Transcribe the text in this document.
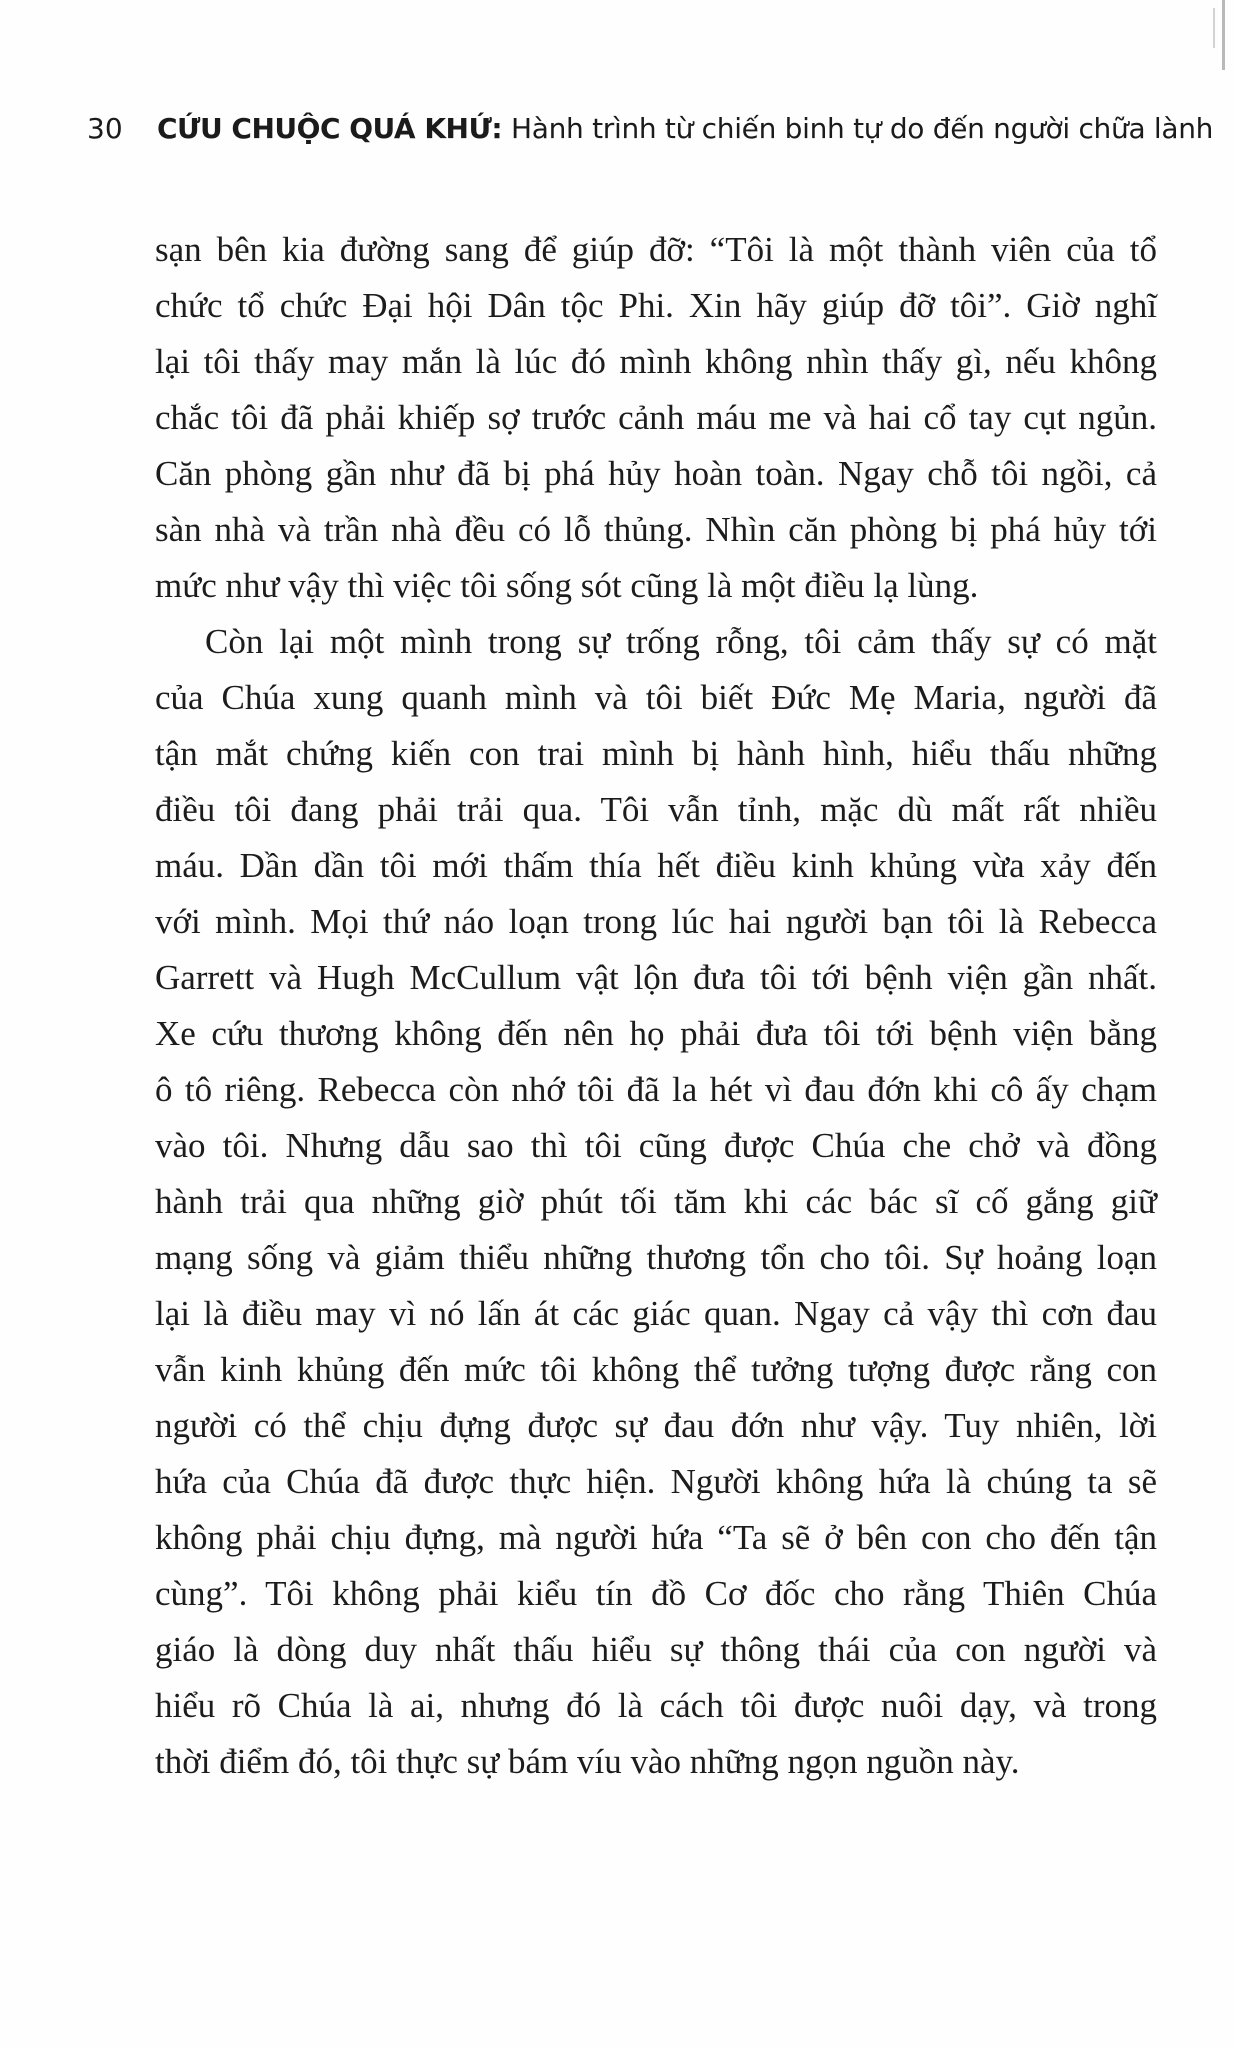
30 CỨU CHUỘC QUÁ KHỨ: Hành trình từ chiến binh tự do đến người chữa lành
sạn bên kia đường sang để giúp đỡ: “Tôi là một thành viên của tổ
chức tổ chức Đại hội Dân tộc Phi. Xin hãy giúp đỡ tôi”. Giờ nghĩ
lại tôi thấy may mắn là lúc đó mình không nhìn thấy gì, nếu không
chắc tôi đã phải khiếp sợ trước cảnh máu me và hai cổ tay cụt ngủn.
Căn phòng gần như đã bị phá hủy hoàn toàn. Ngay chỗ tôi ngồi, cả
sàn nhà và trần nhà đều có lỗ thủng. Nhìn căn phòng bị phá hủy tới
mức như vậy thì việc tôi sống sót cũng là một điều lạ lùng.
Còn lại một mình trong sự trống rỗng, tôi cảm thấy sự có mặt
của Chúa xung quanh mình và tôi biết Đức Mẹ Maria, người đã
tận mắt chứng kiến con trai mình bị hành hình, hiểu thấu những
điều tôi đang phải trải qua. Tôi vẫn tỉnh, mặc dù mất rất nhiều
máu. Dần dần tôi mới thấm thía hết điều kinh khủng vừa xảy đến
với mình. Mọi thứ náo loạn trong lúc hai người bạn tôi là Rebecca
Garrett và Hugh McCullum vật lộn đưa tôi tới bệnh viện gần nhất.
Xe cứu thương không đến nên họ phải đưa tôi tới bệnh viện bằng
ô tô riêng. Rebecca còn nhớ tôi đã la hét vì đau đớn khi cô ấy chạm
vào tôi. Nhưng dẫu sao thì tôi cũng được Chúa che chở và đồng
hành trải qua những giờ phút tối tăm khi các bác sĩ cố gắng giữ
mạng sống và giảm thiểu những thương tổn cho tôi. Sự hoảng loạn
lại là điều may vì nó lấn át các giác quan. Ngay cả vậy thì cơn đau
vẫn kinh khủng đến mức tôi không thể tưởng tượng được rằng con
người có thể chịu đựng được sự đau đớn như vậy. Tuy nhiên, lời
hứa của Chúa đã được thực hiện. Người không hứa là chúng ta sẽ
không phải chịu đựng, mà người hứa “Ta sẽ ở bên con cho đến tận
cùng”. Tôi không phải kiểu tín đồ Cơ đốc cho rằng Thiên Chúa
giáo là dòng duy nhất thấu hiểu sự thông thái của con người và
hiểu rõ Chúa là ai, nhưng đó là cách tôi được nuôi dạy, và trong
thời điểm đó, tôi thực sự bám víu vào những ngọn nguồn này.
